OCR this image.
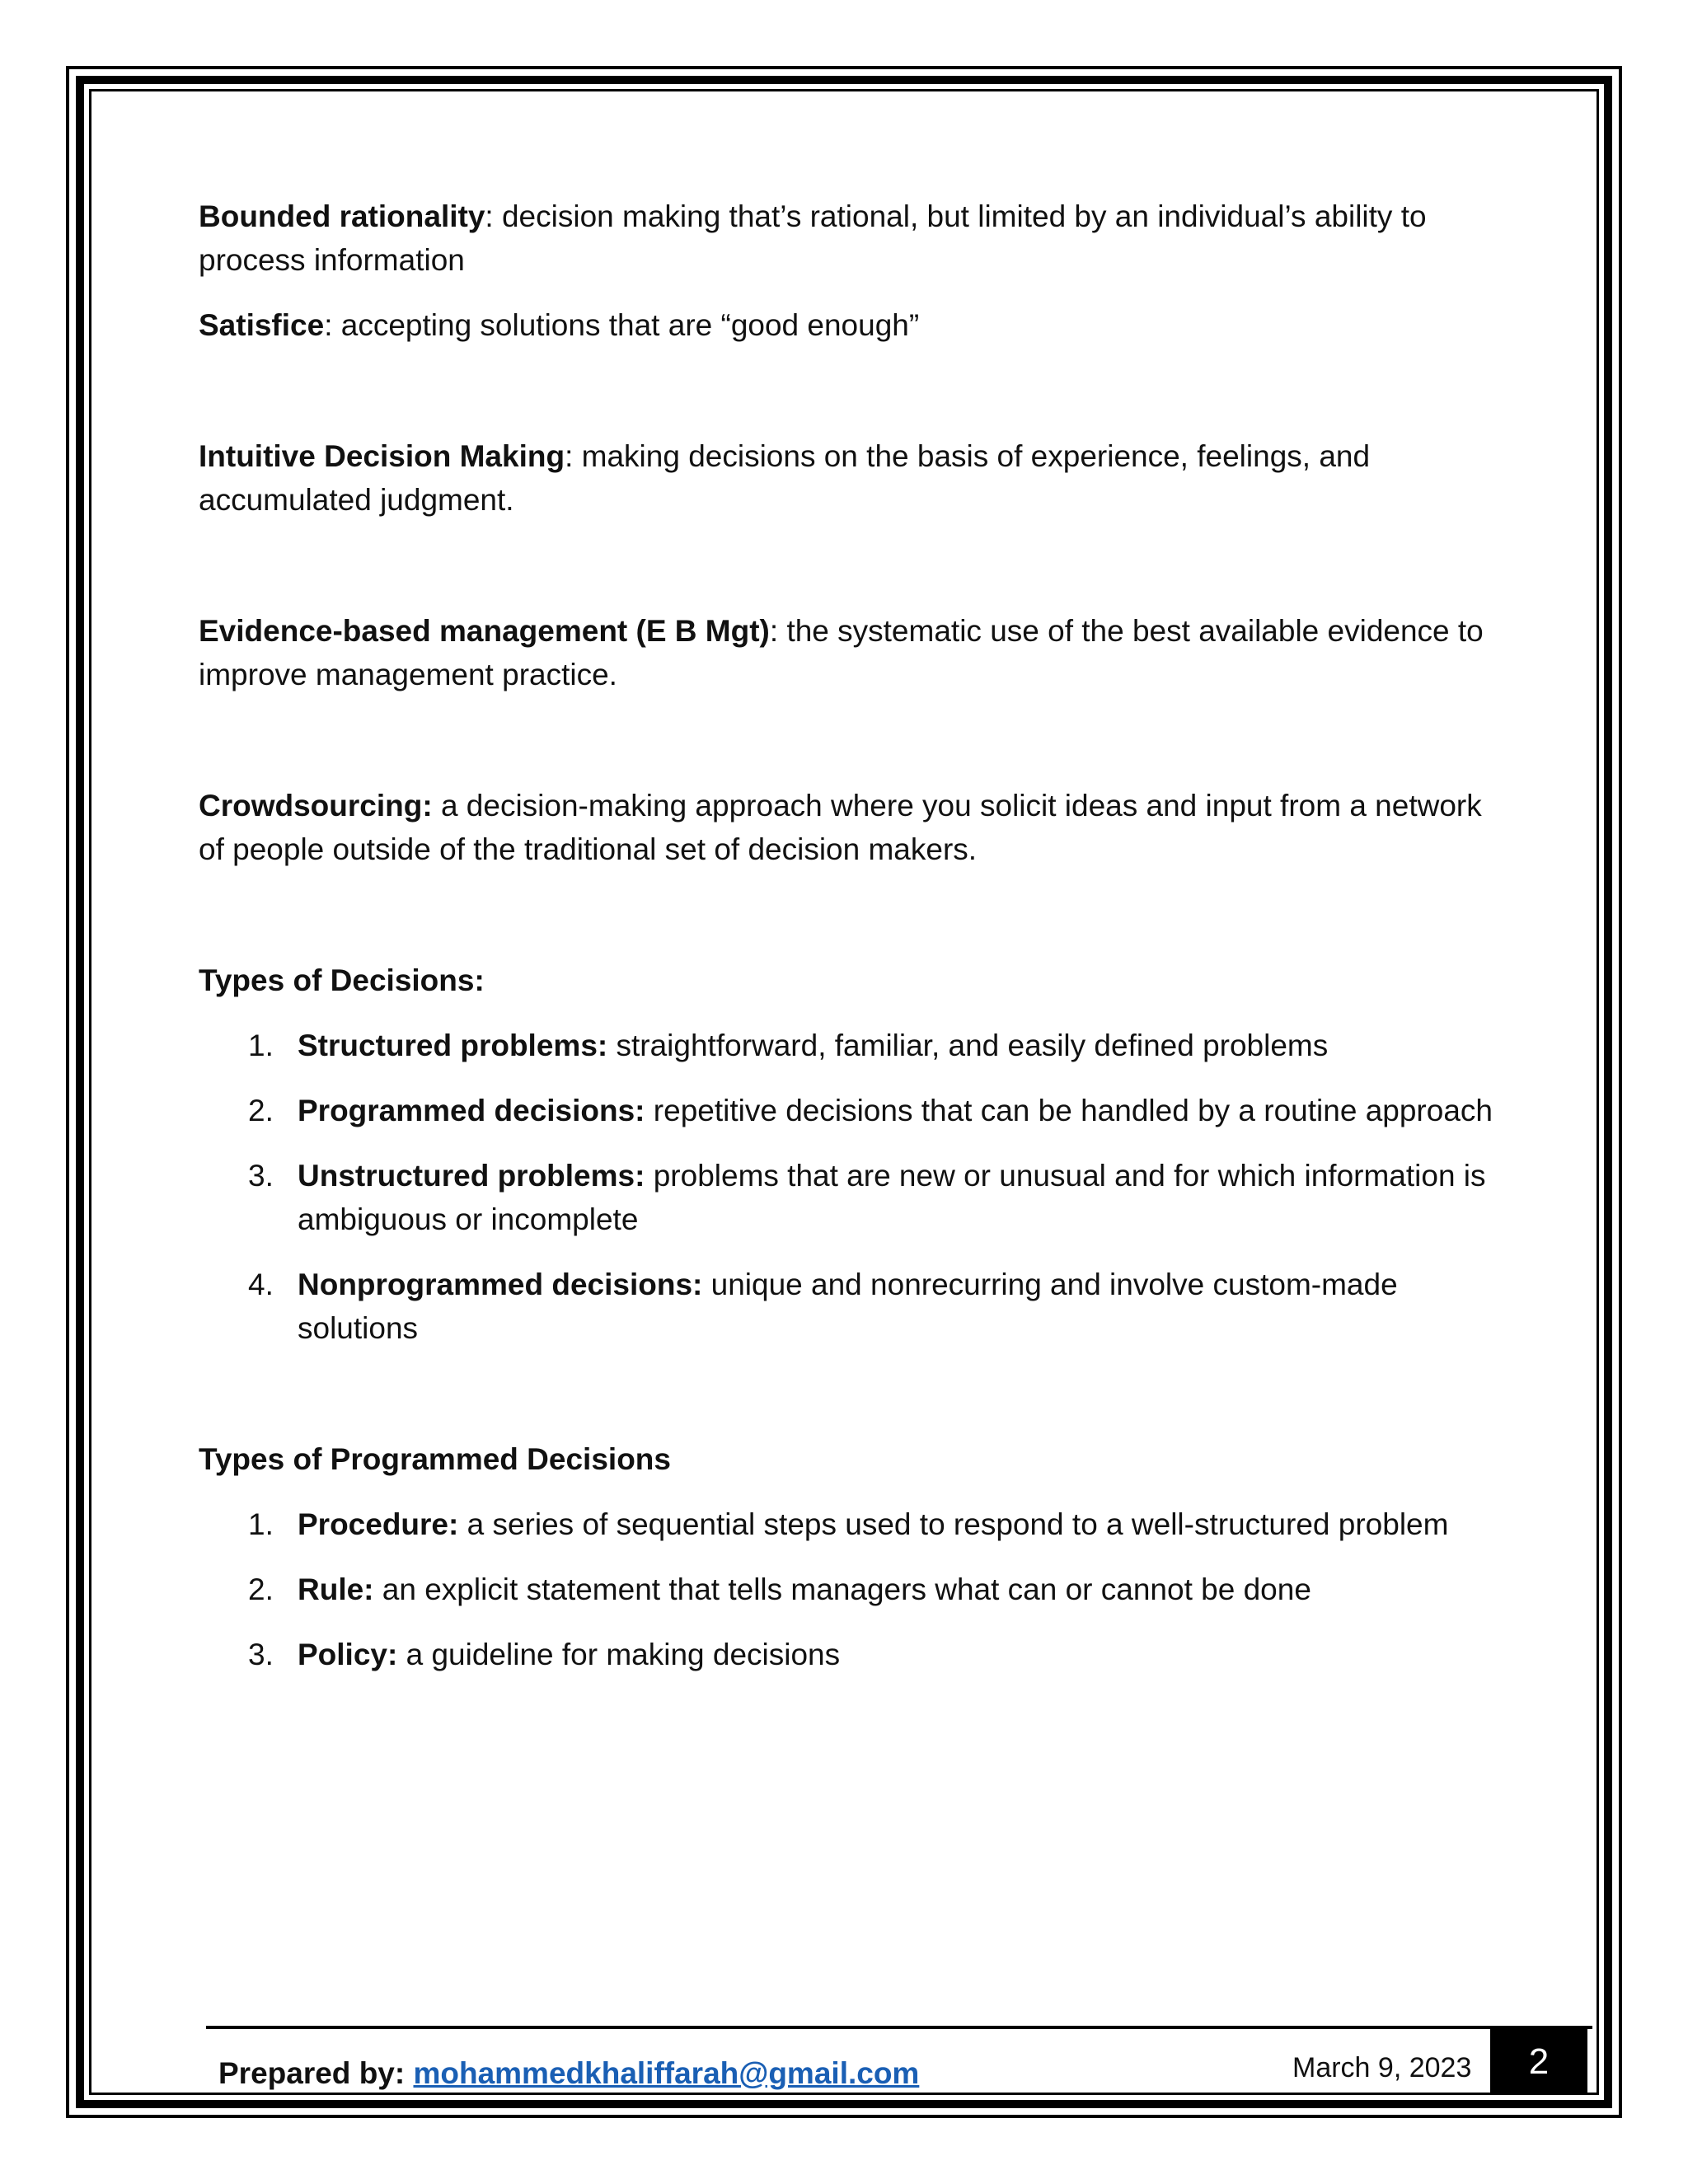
Bounded rationality: decision making that’s rational, but limited by an individual’s ability to process information

Satisfice: accepting solutions that are “good enough”

Intuitive Decision Making: making decisions on the basis of experience, feelings, and accumulated judgment.

Evidence-based management (E B Mgt): the systematic use of the best available evidence to improve management practice.

Crowdsourcing: a decision-making approach where you solicit ideas and input from a network of people outside of the traditional set of decision makers.

Types of Decisions:

1. Structured problems: straightforward, familiar, and easily defined problems
2. Programmed decisions: repetitive decisions that can be handled by a routine approach
3. Unstructured problems: problems that are new or unusual and for which information is ambiguous or incomplete
4. Nonprogrammed decisions: unique and nonrecurring and involve custom-made solutions

Types of Programmed Decisions

1. Procedure: a series of sequential steps used to respond to a well-structured problem
2. Rule: an explicit statement that tells managers what can or cannot be done
3. Policy: a guideline for making decisions
Prepared by: mohammedkhaliffarah@gmail.com	March 9, 2023	2
